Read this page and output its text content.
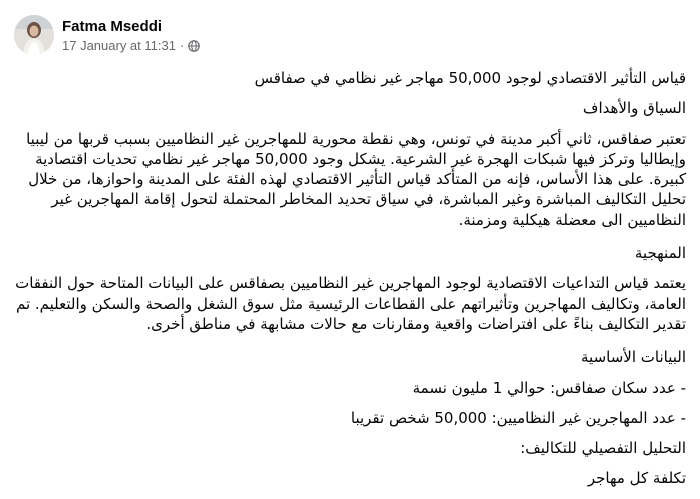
Fatma Mseddi
17 January at 11:31 ·

قياس التأثير الاقتصادي لوجود 50,000 مهاجر غير نظامي في صفاقس

السياق والأهداف

تعتبر صفاقس، ثاني أكبر مدينة في تونس، وهي نقطة محورية للمهاجرين غير النظاميين بسبب قربها من ليبيا وإيطاليا وتركز فيها شبكات الهجرة غير الشرعية. يشكل وجود 50,000 مهاجر غير نظامي تحديات اقتصادية كبيرة. على هذا الأساس، فإنه من المتأكد قياس التأثير الاقتصادي لهذه الفئة على المدينة واحوازها، من خلال تحليل التكاليف المباشرة وغير المباشرة، في سياق تحديد المخاطر المحتملة لتحول إقامة المهاجرين غير النظاميين الى معضلة هيكلية ومزمنة.

المنهجية

يعتمد قياس التداعيات الاقتصادية لوجود المهاجرين غير النظاميين بصفاقس على البيانات المتاحة حول النفقات العامة، وتكاليف المهاجرين وتأثيراتهم على القطاعات الرئيسية مثل سوق الشغل والصحة والسكن والتعليم. تم تقدير التكاليف بناءً على افتراضات واقعية ومقارنات مع حالات مشابهة في مناطق أخرى.

البيانات الأساسية

- عدد سكان صفاقس: حوالي 1 مليون نسمة

- عدد المهاجرين غير النظاميين: 50,000 شخص تقريبا

التحليل التفصيلي للتكاليف:

تكلفة كل مهاجر
